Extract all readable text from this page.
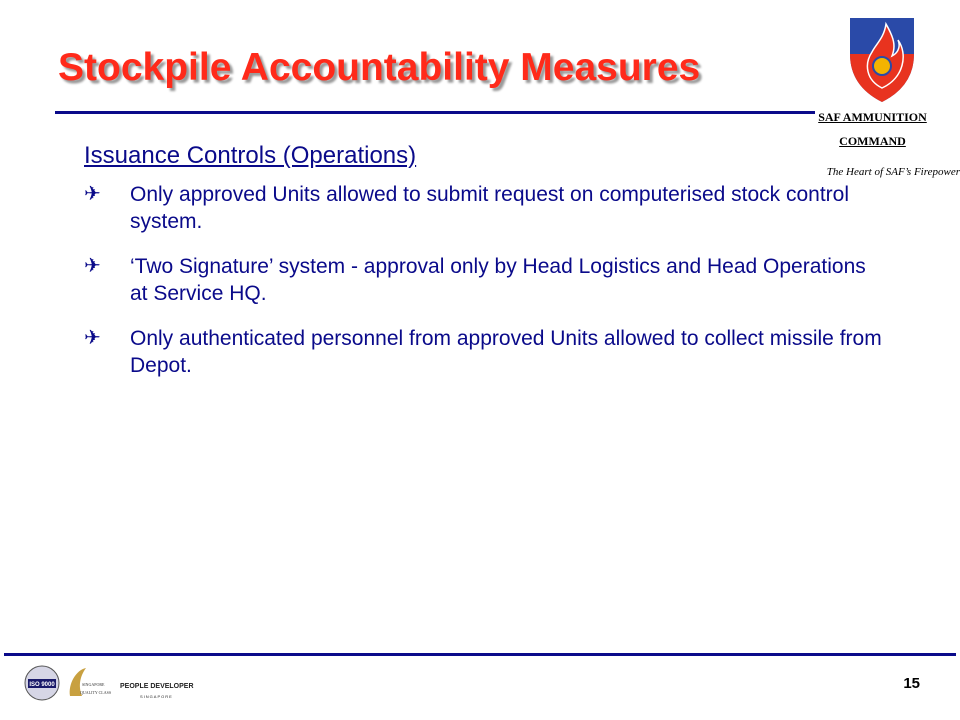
Stockpile Accountability Measures
SAF AMMUNITION
COMMAND
The Heart of SAF’s Firepower
Issuance Controls (Operations)
✈ Only approved Units allowed to submit request on computerised stock control system.
✈ ‘Two Signature’ system - approval only by Head Logistics and Head Operations at Service HQ.
✈ Only authenticated personnel from approved Units allowed to collect missile from Depot.
ISO 9000	SINGAPORE
QUALITY CLASS
PEOPLE DEVELOPER
SINGAPORE
15
